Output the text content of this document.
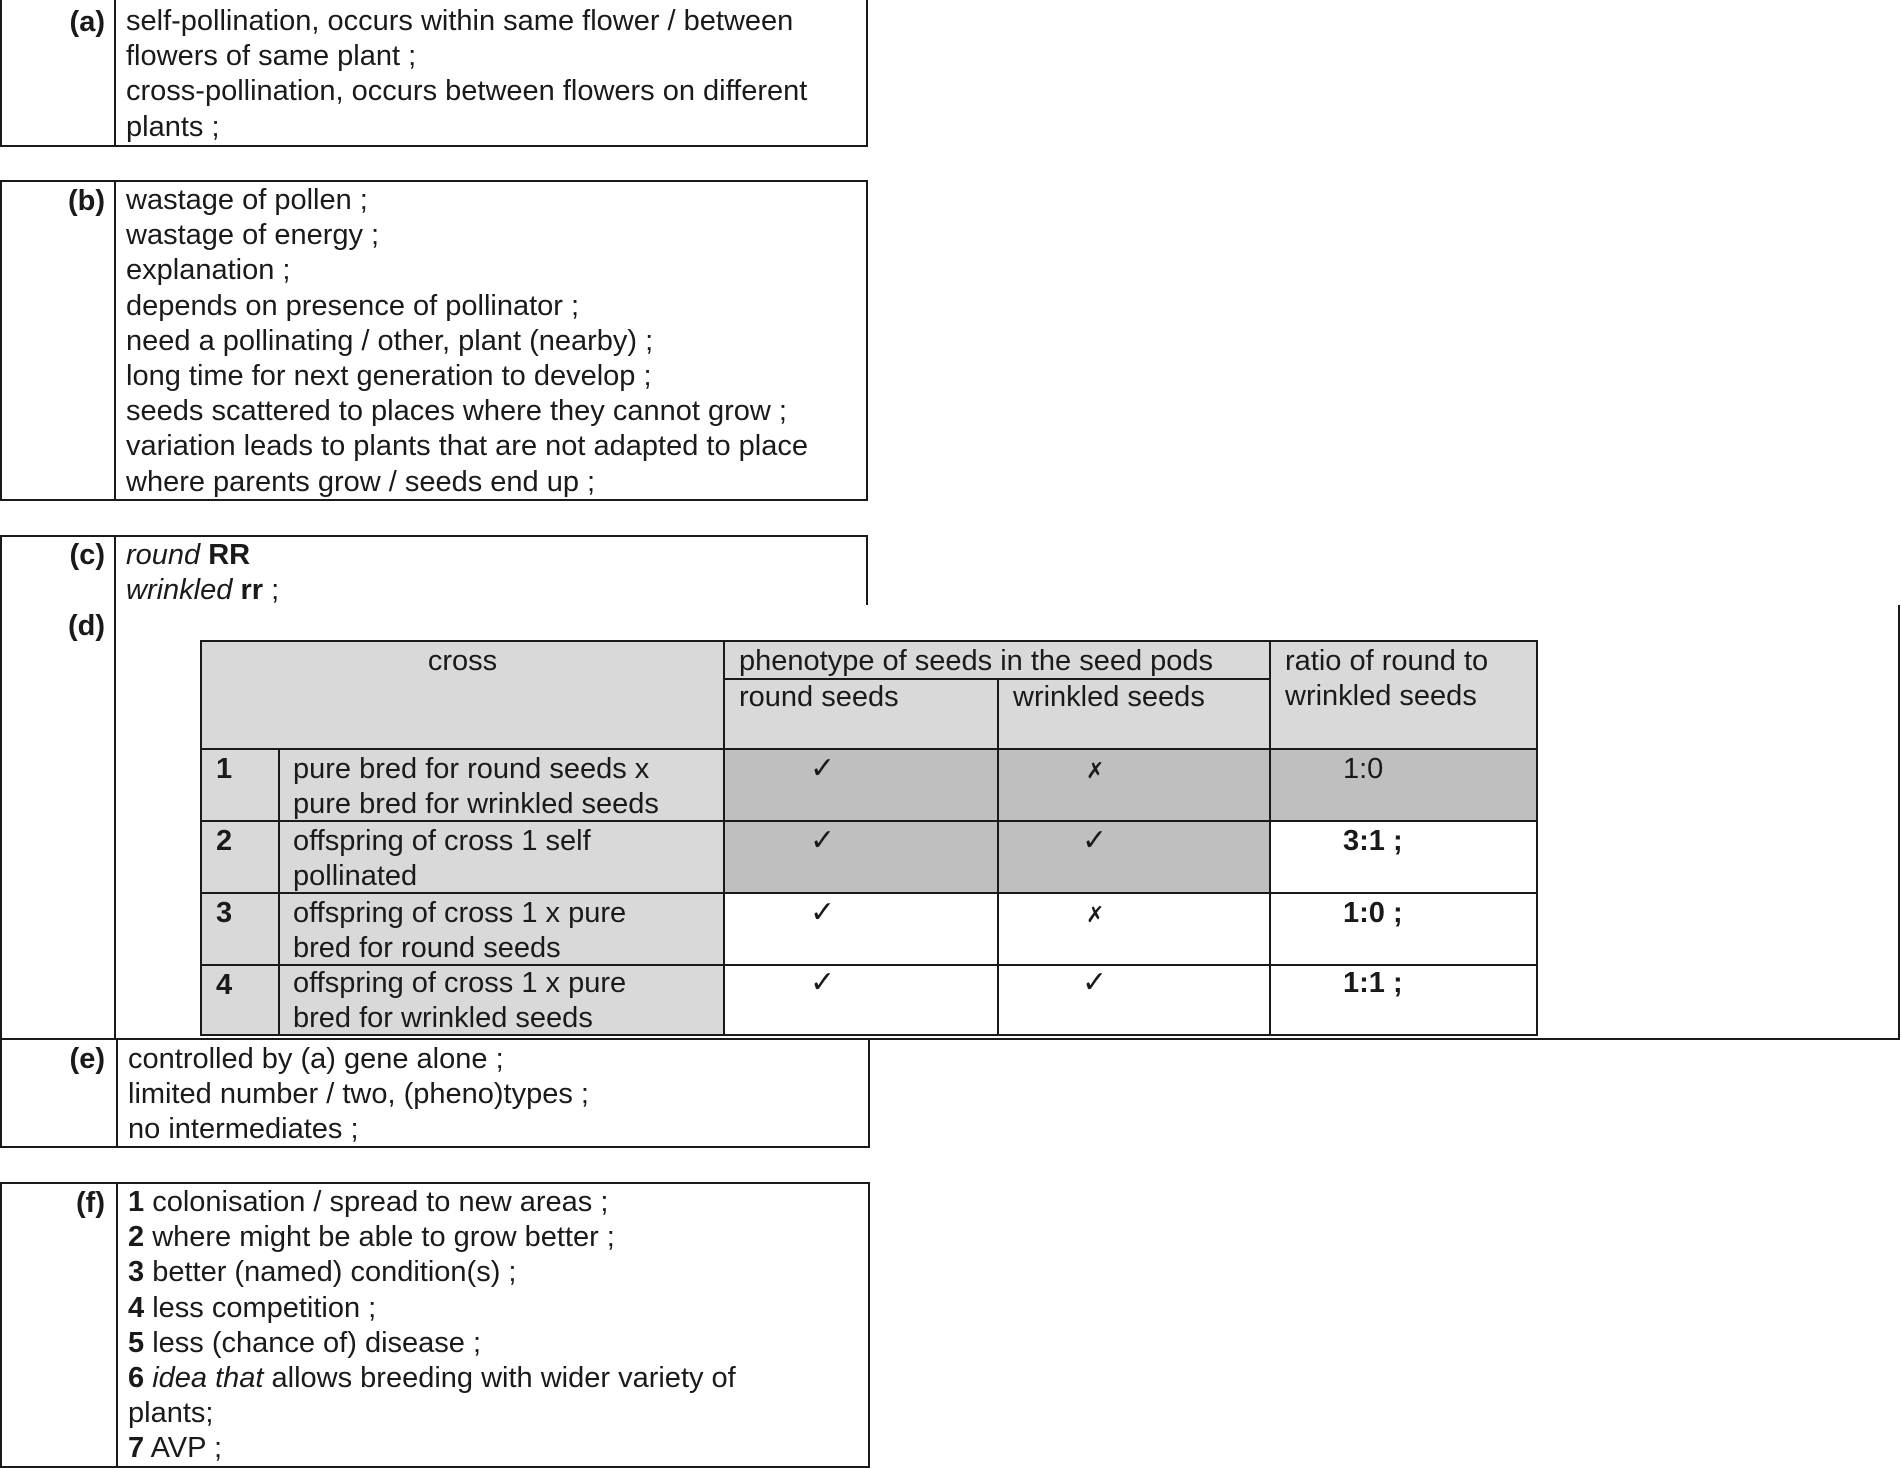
(a) self-pollination, occurs within same flower / between
flowers of same plant ;
cross-pollination, occurs between flowers on different
plants ;
(b) wastage of pollen ;
wastage of energy ;
explanation ;
depends on presence of pollinator ;
need a pollinating / other, plant (nearby) ;
long time for next generation to develop ;
seeds scattered to places where they cannot grow ;
variation leads to plants that are not adapted to place
where parents grow / seeds end up ;
(c) round RR
wrinkled rr ;
(d)
cross	phenotype of seeds in the seed pods
round seeds	wrinkled seeds
ratio of round to
wrinkled seeds
1 pure bred for round seeds x
pure bred for wrinkled seeds
✓	✗	1:0
2 offspring of cross 1 self
pollinated
✓	✓	3:1 ;
3 offspring of cross 1 x pure
bred for round seeds
✓	✗	1:0 ;
4 offspring of cross 1 x pure
bred for wrinkled seeds
✓	✓	1:1 ;
(e) controlled by (a) gene alone ;
limited number / two, (pheno)types ;
no intermediates ;
(f) 1 colonisation / spread to new areas ;
2 where might be able to grow better ;
3 better (named) condition(s) ;
4 less competition ;
5 less (chance of) disease ;
6 idea that allows breeding with wider variety of
plants;
7 AVP ;
